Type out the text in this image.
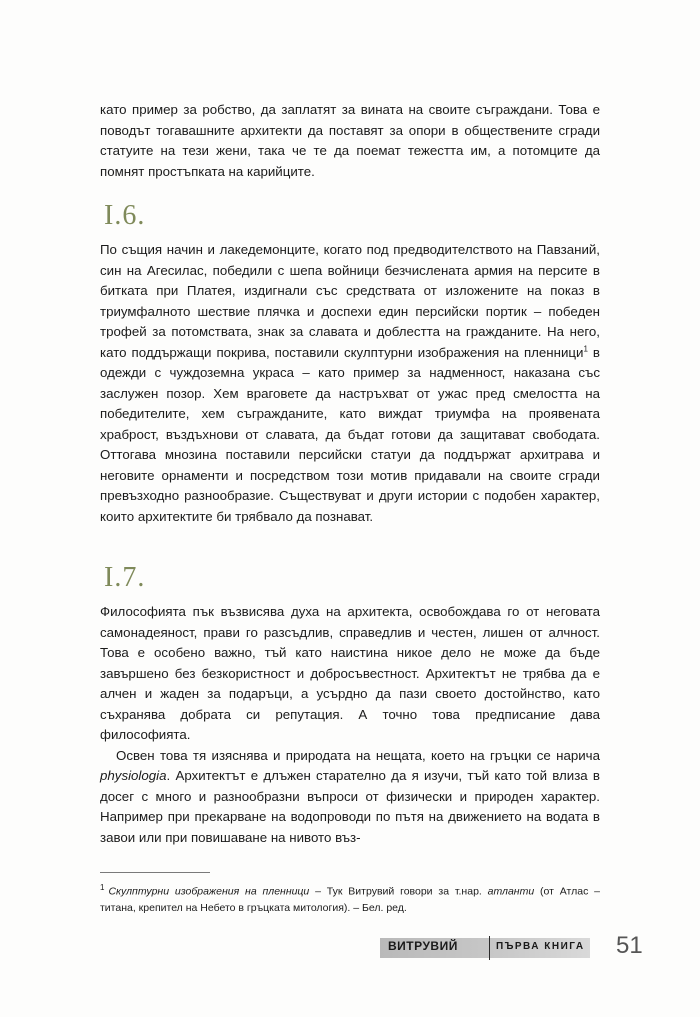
като пример за робство, да заплатят за вината на своите съграждани. Това е поводът тогавашните архитекти да поставят за опори в обществените сгради статуите на тези жени, така че те да поемат тежестта им, а потомците да помнят простъпката на карийците.

I.6.

По същия начин и лакедемонците, когато под предводителството на Павзаний, син на Агесилас, победили с шепа войници безчислената армия на персите в битката при Платея, издигнали със средствата от изложените на показ в триумфалното шествие плячка и доспехи един персийски портик – победен трофей за потомствата, знак за славата и доблестта на гражданите. На него, като поддържащи покрива, поставили скулптурни изображения на пленници$^1$ в одежди с чуждоземна украса – като пример за надменност, наказана със заслужен позор. Хем враговете да настръхват от ужас пред смелостта на победителите, хем съгражданите, като виждат триумфа на проявената храброст, въздъхнови от славата, да бъдат готови да защитават свободата. Оттогава мнозина поставили персийски статуи да поддържат архитрава и неговите орнаменти и посредством този мотив придавали на своите сгради превъзходно разнообразие. Съществуват и други истории с подобен характер, които архитектите би трябвало да познават.

I.7.

Философията пък възвисява духа на архитекта, освобождава го от неговата самонадеяност, прави го разсъдлив, справедлив и честен, лишен от алчност. Това е особено важно, тъй като наистина никое дело не може да бъде завършено без безкористност и добросъвестност. Архитектът не трябва да е алчен и жаден за подаръци, а усърдно да пази своето достойнство, като съхранява добрата си репутация. А точно това предписание дава философията.

Освен това тя изяснява и природата на нещата, което на гръцки се нарича physiologia. Архитектът е длъжен старателно да я изучи, тъй като той влиза в досег с много и разнообразни въпроси от физически и природен характер. Например при прекарване на водопроводи по пътя на движението на водата в завои или при повишаване на нивото въз-

$^1$ Скулптурни изображения на пленници – Тук Витрувий говори за т.нар. атланти (от Атлас – титана, крепител на Небето в гръцката митология). – Бел. ред.
ВИТРУВИЙ	ПЪРВА КНИГА 51
